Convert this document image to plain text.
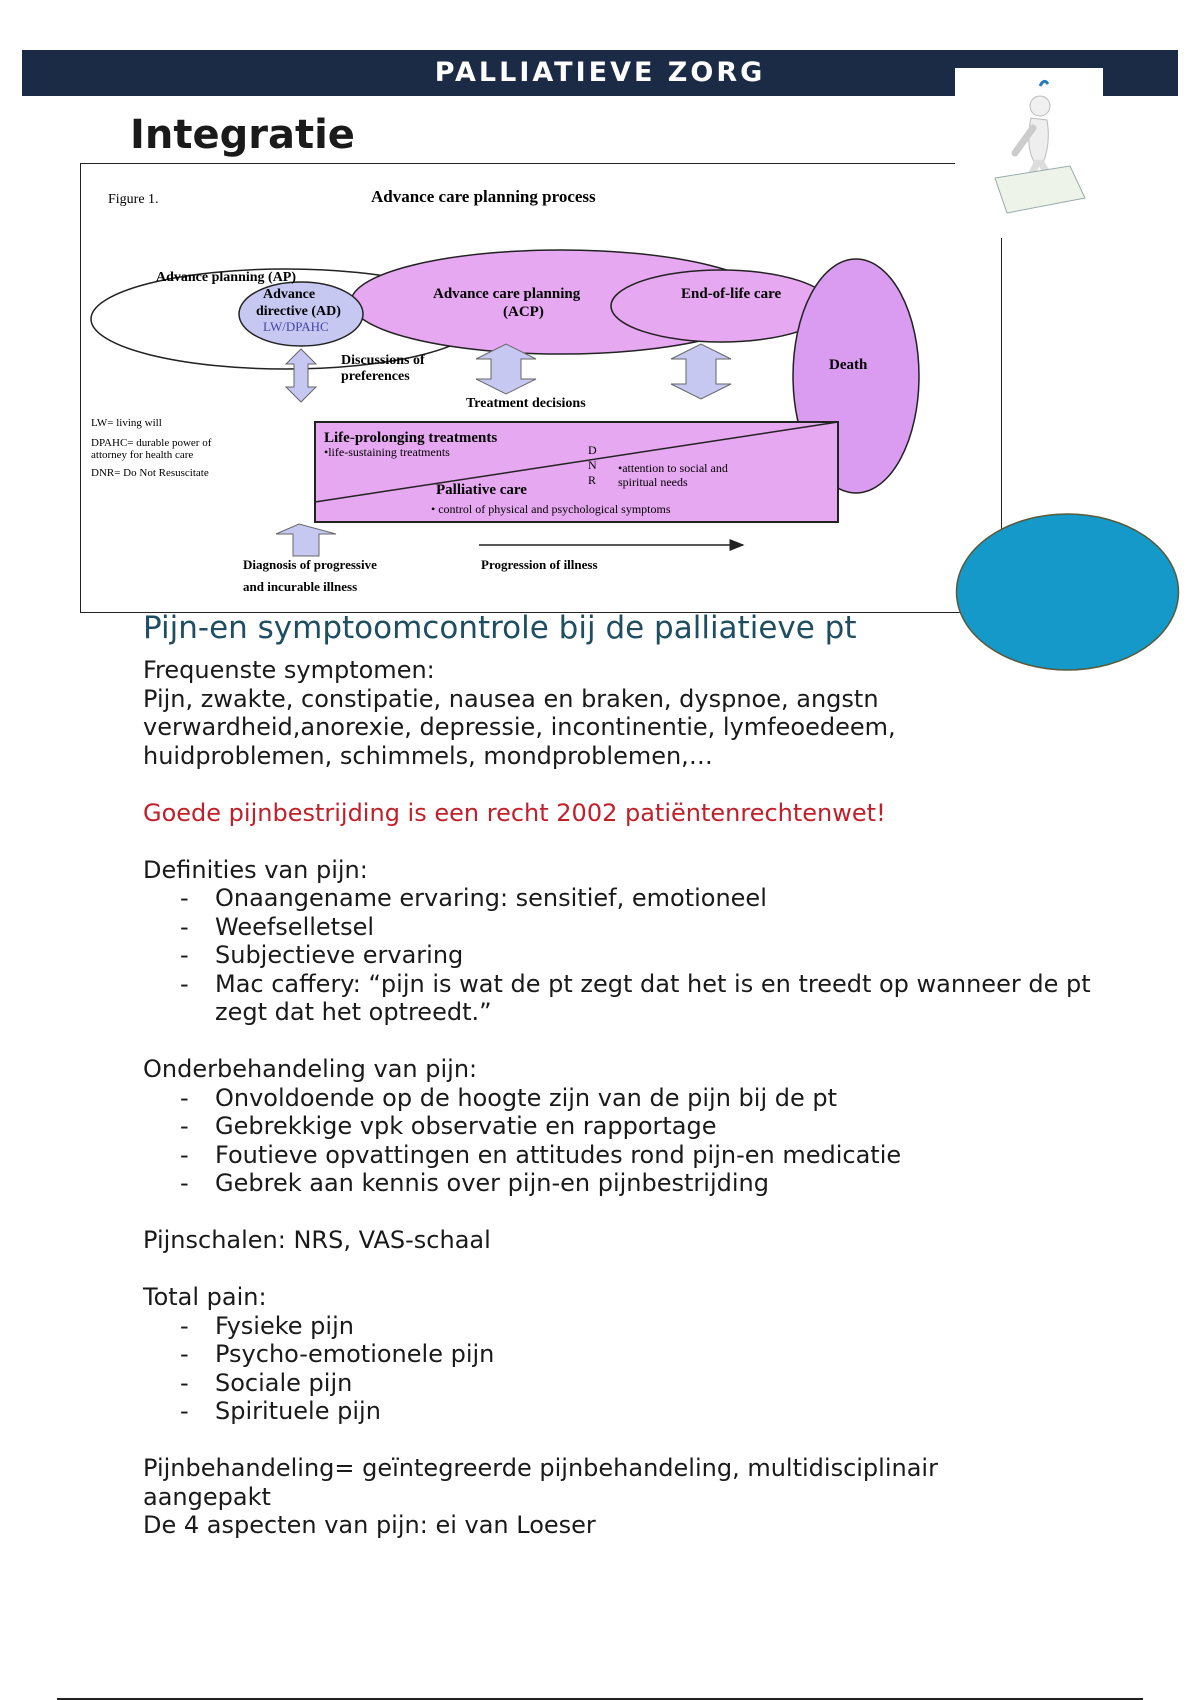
PALLIATIEVE ZORG
Integratie
Figure 1.	Advance care planning process
Advance planning (AP)
Advance
directive (AD)
LW/DPAHC
Advance care planning
(ACP)
End-of-life care
Death
Discussions of
preferences
Treatment decisions
LW= living will
DPAHC= durable power of
attorney for health care
DNR= Do Not Resuscitate
Life-prolonging treatments
•life-sustaining treatments	D
N
R
•attention to social and
spiritual needs
Palliative care
• control of physical and psychological symptoms
Diagnosis of progressive
and incurable illness
Progression of illness
Pijn-en symptoomcontrole bij de palliatieve pt

Frequenste symptomen:

Pijn, zwakte, constipatie, nausea en braken, dyspnoe, angstn

verwardheid,anorexie, depressie, incontinentie, lymfeoedeem,

huidproblemen, schimmels, mondproblemen,…

Goede pijnbestrijding is een recht 2002 patiëntenrechtenwet!

Definities van pijn:

- Onaangename ervaring: sensitief, emotioneel
- Weefselletsel
- Subjectieve ervaring
- Mac caffery: “pijn is wat de pt zegt dat het is en treedt op wanneer de pt zegt dat het optreedt.”

Onderbehandeling van pijn:

- Onvoldoende op de hoogte zijn van de pijn bij de pt
- Gebrekkige vpk observatie en rapportage
- Foutieve opvattingen en attitudes rond pijn-en medicatie
- Gebrek aan kennis over pijn-en pijnbestrijding

Pijnschalen: NRS, VAS-schaal

Total pain:

- Fysieke pijn
- Psycho-emotionele pijn
- Sociale pijn
- Spirituele pijn

Pijnbehandeling= geïntegreerde pijnbehandeling, multidisciplinair

aangepakt

De 4 aspecten van pijn: ei van Loeser
